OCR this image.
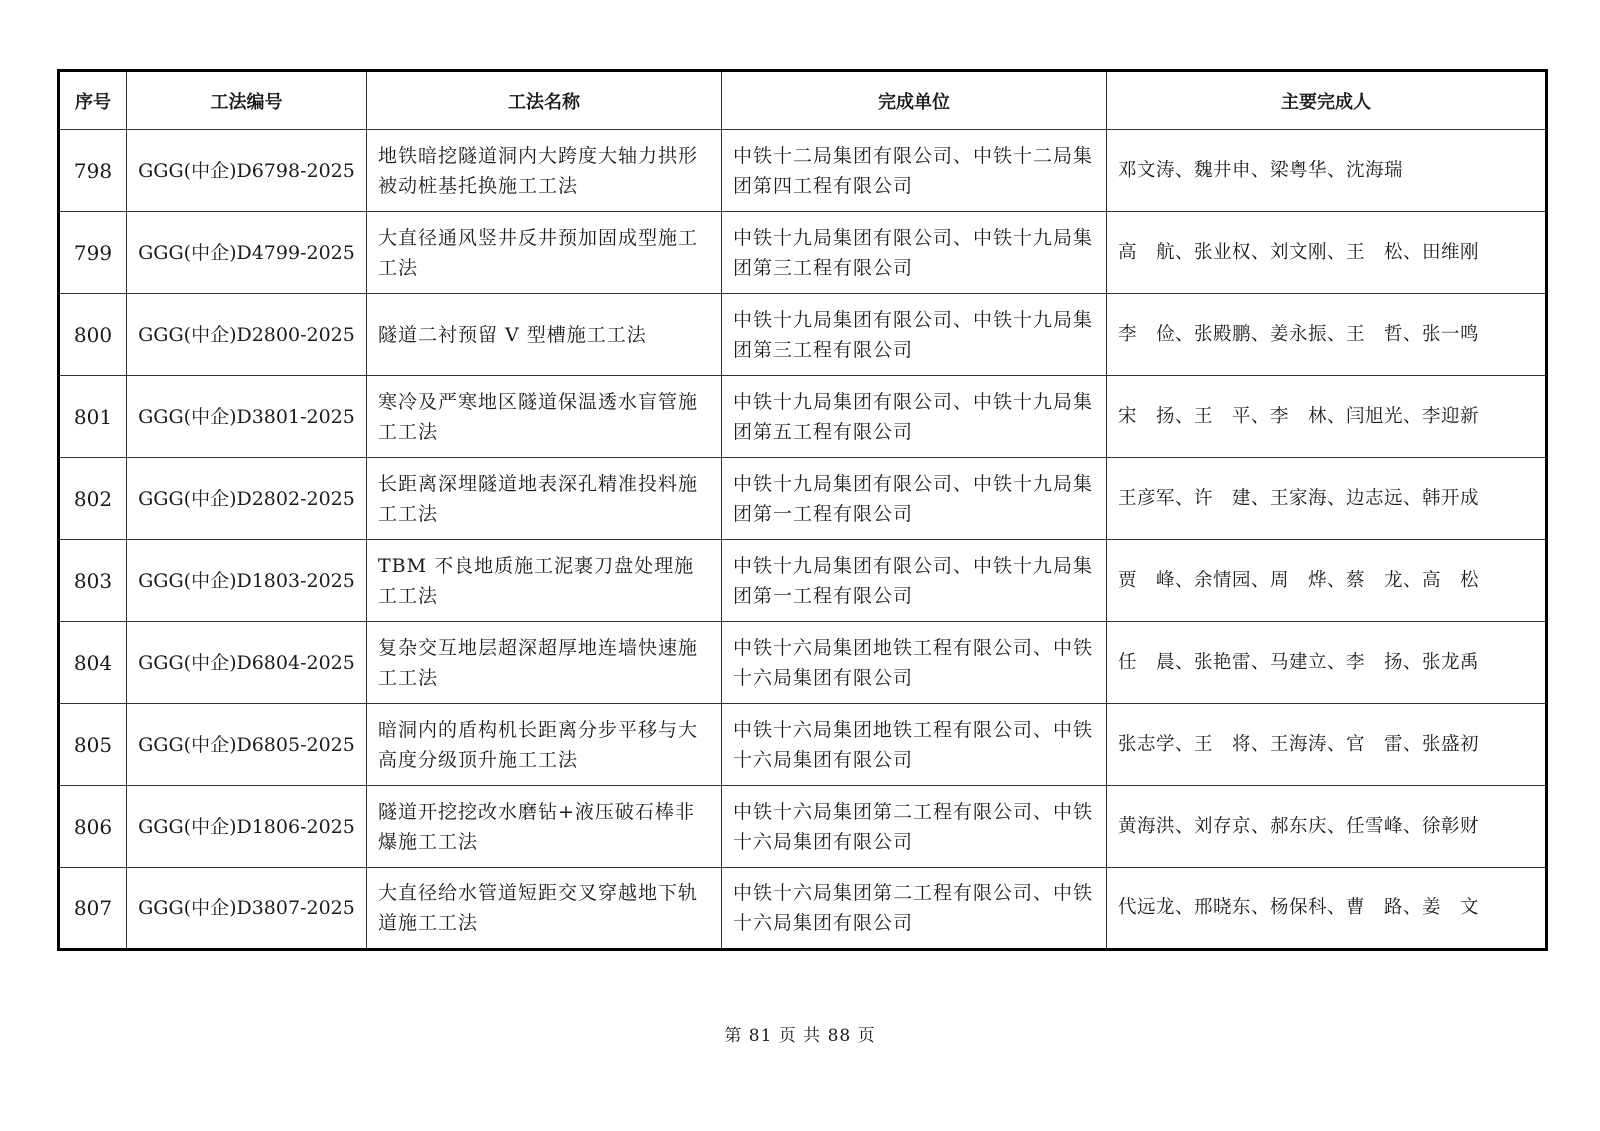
序号	工法编号	工法名称	完成单位	主要完成人
798	GGG(中企)D6798-2025	地铁暗挖隧道洞内大跨度大轴力拱形被动桩基托换施工工法	中铁十二局集团有限公司、中铁十二局集团第四工程有限公司	邓文涛、魏井申、梁粤华、沈海瑞
799	GGG(中企)D4799-2025	大直径通风竖井反井预加固成型施工工法	中铁十九局集团有限公司、中铁十九局集团第三工程有限公司	高　航、张业权、刘文刚、王　松、田维刚
800	GGG(中企)D2800-2025	隧道二衬预留 V 型槽施工工法	中铁十九局集团有限公司、中铁十九局集团第三工程有限公司	李　俭、张殿鹏、姜永振、王　哲、张一鸣
801	GGG(中企)D3801-2025	寒冷及严寒地区隧道保温透水盲管施工工法	中铁十九局集团有限公司、中铁十九局集团第五工程有限公司	宋　扬、王　平、李　林、闫旭光、李迎新
802	GGG(中企)D2802-2025	长距离深埋隧道地表深孔精准投料施工工法	中铁十九局集团有限公司、中铁十九局集团第一工程有限公司	王彦军、许　建、王家海、边志远、韩开成
803	GGG(中企)D1803-2025	TBM 不良地质施工泥裹刀盘处理施工工法	中铁十九局集团有限公司、中铁十九局集团第一工程有限公司	贾　峰、余情园、周　烨、蔡　龙、高　松
804	GGG(中企)D6804-2025	复杂交互地层超深超厚地连墙快速施工工法	中铁十六局集团地铁工程有限公司、中铁十六局集团有限公司	任　晨、张艳雷、马建立、李　扬、张龙禹
805	GGG(中企)D6805-2025	暗洞内的盾构机长距离分步平移与大高度分级顶升施工工法	中铁十六局集团地铁工程有限公司、中铁十六局集团有限公司	张志学、王　将、王海涛、官　雷、张盛初
806	GGG(中企)D1806-2025	隧道开挖挖改水磨钻+液压破石棒非爆施工工法	中铁十六局集团第二工程有限公司、中铁十六局集团有限公司	黄海洪、刘存京、郝东庆、任雪峰、徐彰财
807	GGG(中企)D3807-2025	大直径给水管道短距交叉穿越地下轨道施工工法	中铁十六局集团第二工程有限公司、中铁十六局集团有限公司	代远龙、邢晓东、杨保科、曹　路、姜　文
第 81 页 共 88 页
